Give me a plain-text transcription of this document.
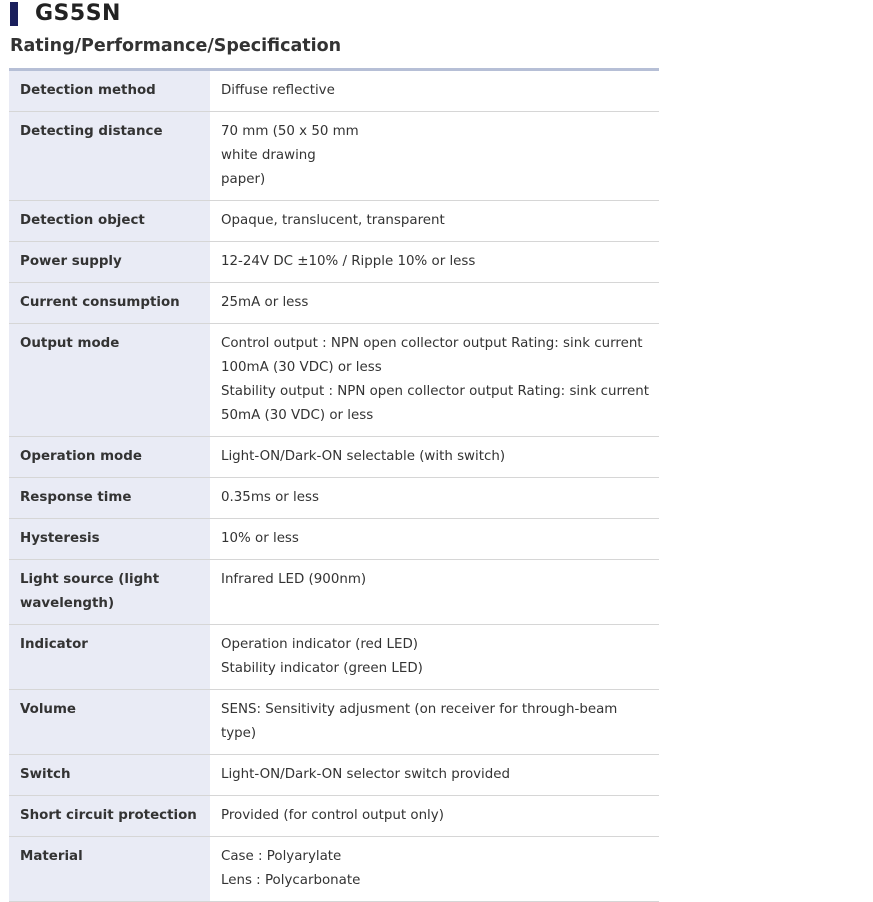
GS5SN
Rating/Performance/Specification
Detection method	Diffuse reflective
Detecting distance	70 mm (50 x 50 mm
white drawing
paper)
Detection object	Opaque, translucent, transparent
Power supply	12-24V DC ±10% / Ripple 10% or less
Current consumption	25mA or less
Output mode	Control output : NPN open collector output Rating: sink current 100mA (30 VDC) or less
Stability output : NPN open collector output Rating: sink current 50mA (30 VDC) or less
Operation mode	Light-ON/Dark-ON selectable (with switch)
Response time	0.35ms or less
Hysteresis	10% or less
Light source (light wavelength)	Infrared LED (900nm)
Indicator	Operation indicator (red LED)
Stability indicator (green LED)
Volume	SENS: Sensitivity adjusment (on receiver for through-beam type)
Switch	Light-ON/Dark-ON selector switch provided
Short circuit protection	Provided (for control output only)
Material	Case : Polyarylate
Lens : Polycarbonate
